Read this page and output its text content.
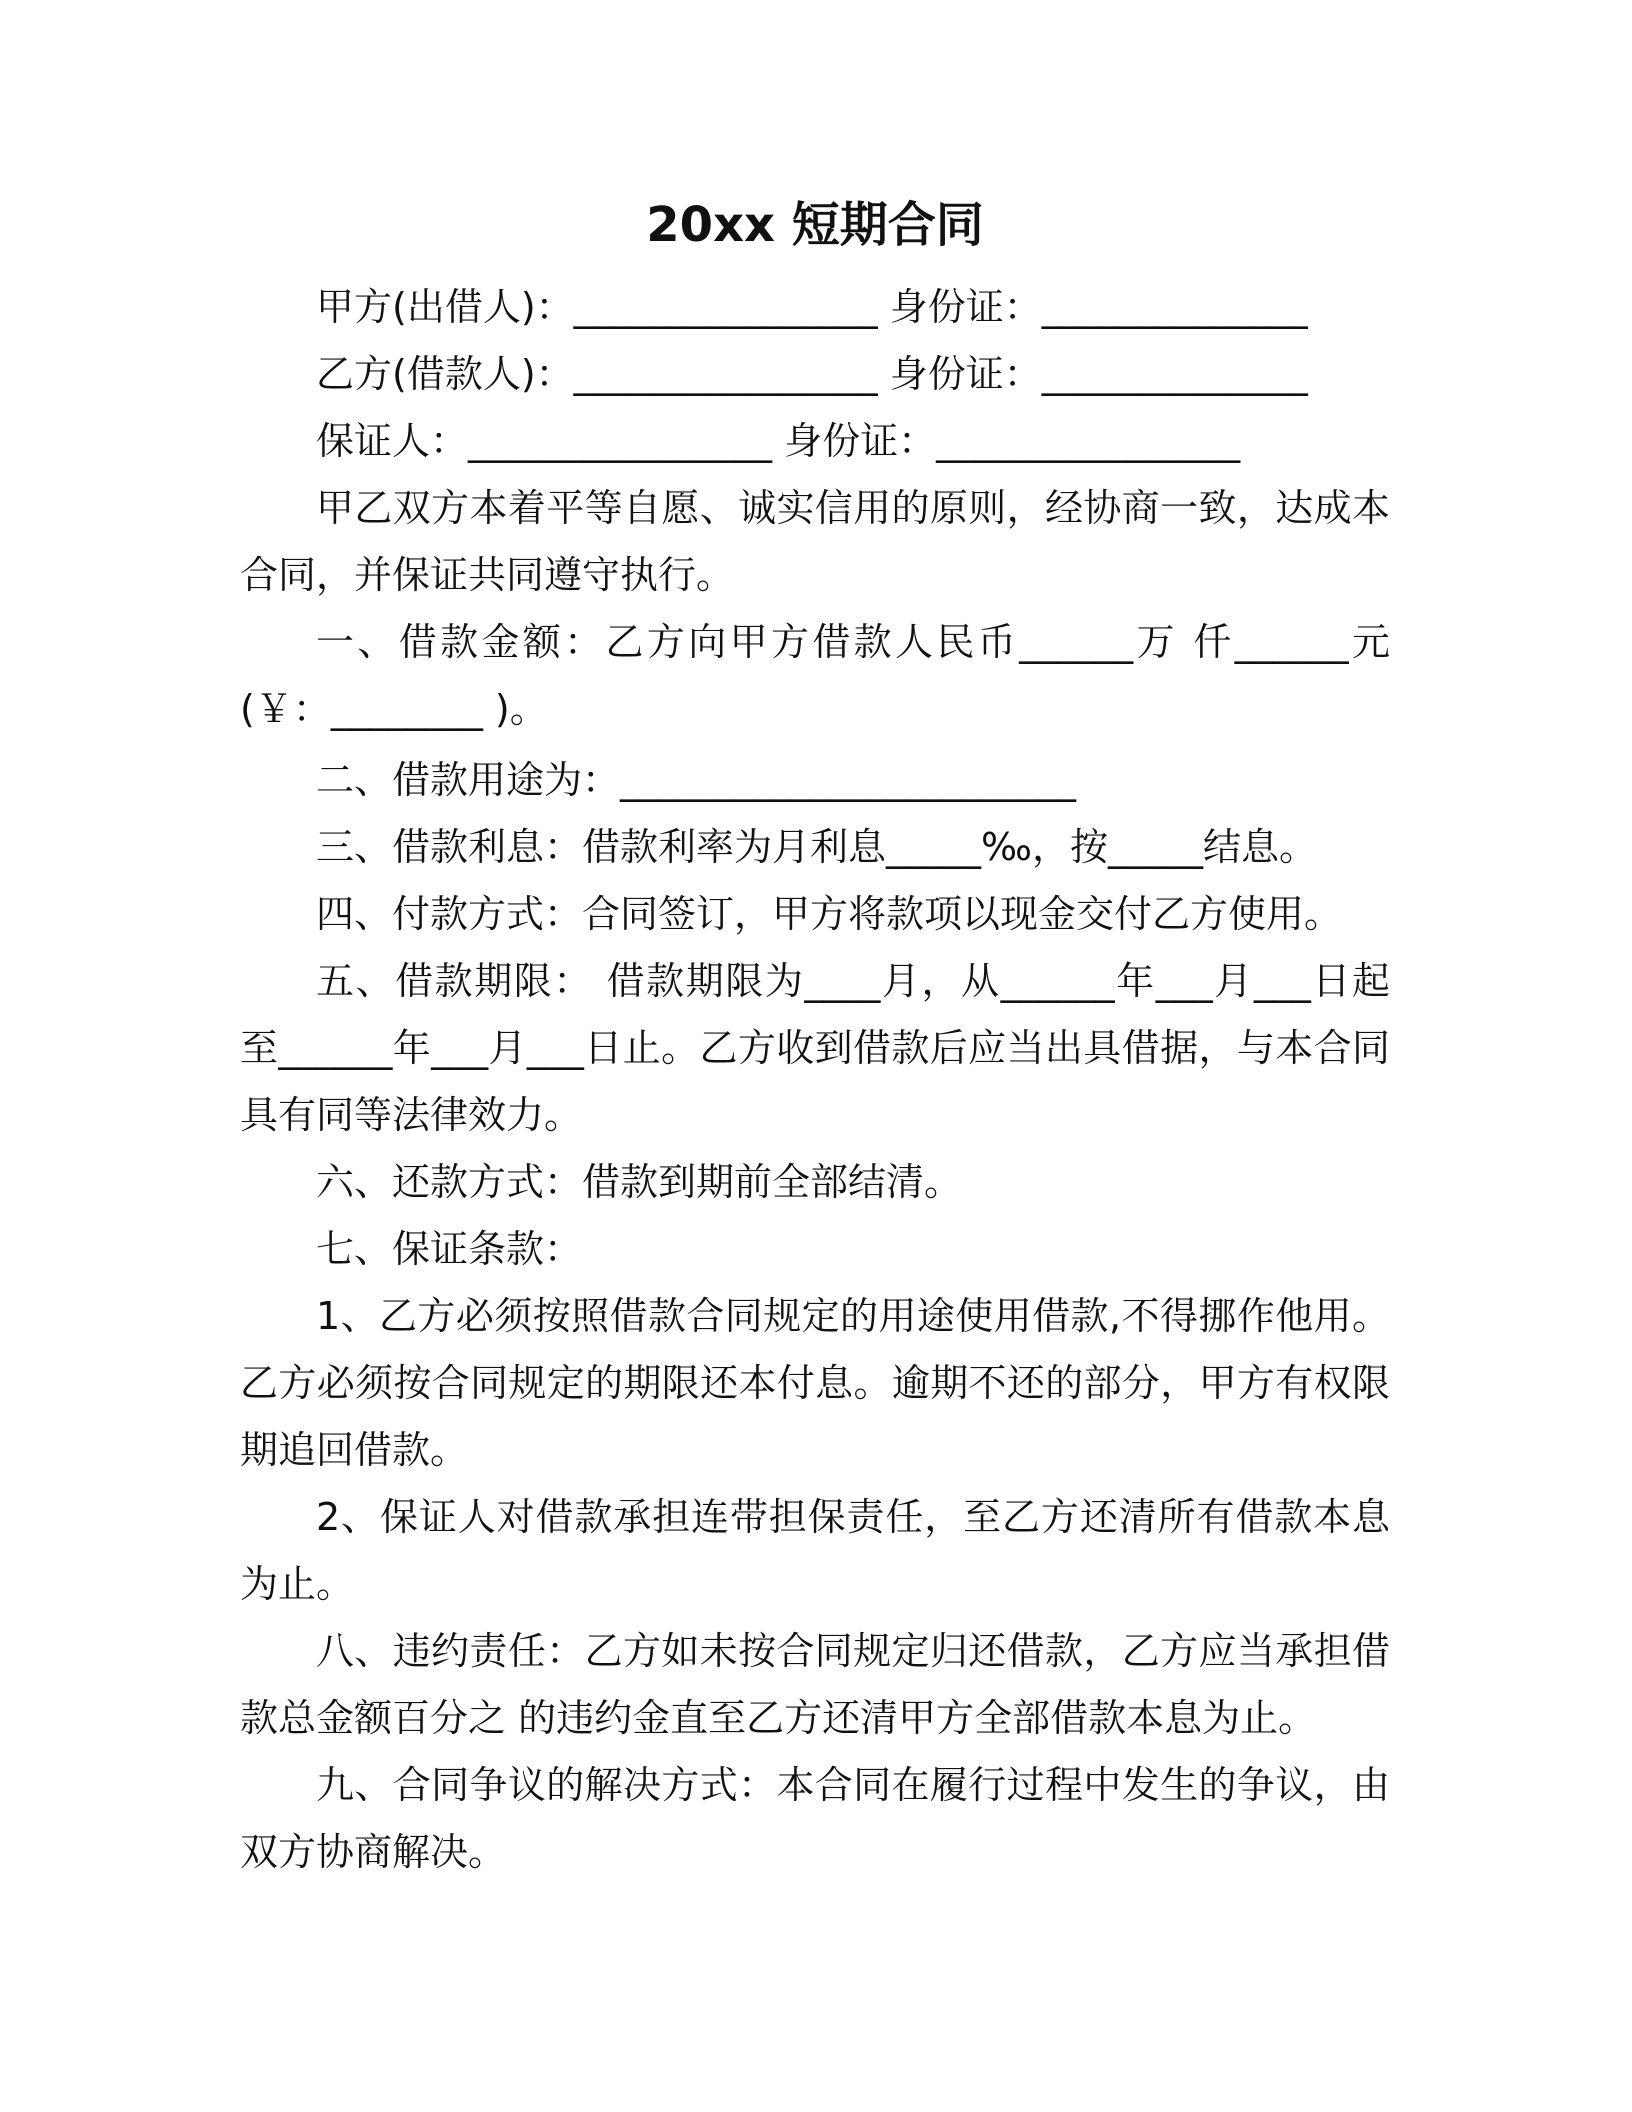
20xx 短期合同

甲方(出借人)：________________ 身份证：______________

乙方(借款人)：________________ 身份证：______________

保证人：________________ 身份证：________________

甲乙双方本着平等自愿、诚实信用的原则，经协商一致，达成本合同，并保证共同遵守执行。

一、借款金额：乙方向甲方借款人民币______万 仟______元(￥：________ )。

二、借款用途为：________________________

三、借款利息：借款利率为月利息_____‰，按_____结息。

四、付款方式：合同签订，甲方将款项以现金交付乙方使用。

五、借款期限： 借款期限为____月，从______年___月___日起至______年___月___日止。乙方收到借款后应当出具借据，与本合同具有同等法律效力。

六、还款方式：借款到期前全部结清。

七、保证条款：

1、乙方必须按照借款合同规定的用途使用借款,不得挪作他用。乙方必须按合同规定的期限还本付息。逾期不还的部分，甲方有权限期追回借款。

2、保证人对借款承担连带担保责任，至乙方还清所有借款本息为止。

八、违约责任：乙方如未按合同规定归还借款，乙方应当承担借款总金额百分之 的违约金直至乙方还清甲方全部借款本息为止。

九、合同争议的解决方式：本合同在履行过程中发生的争议，由双方协商解决。
